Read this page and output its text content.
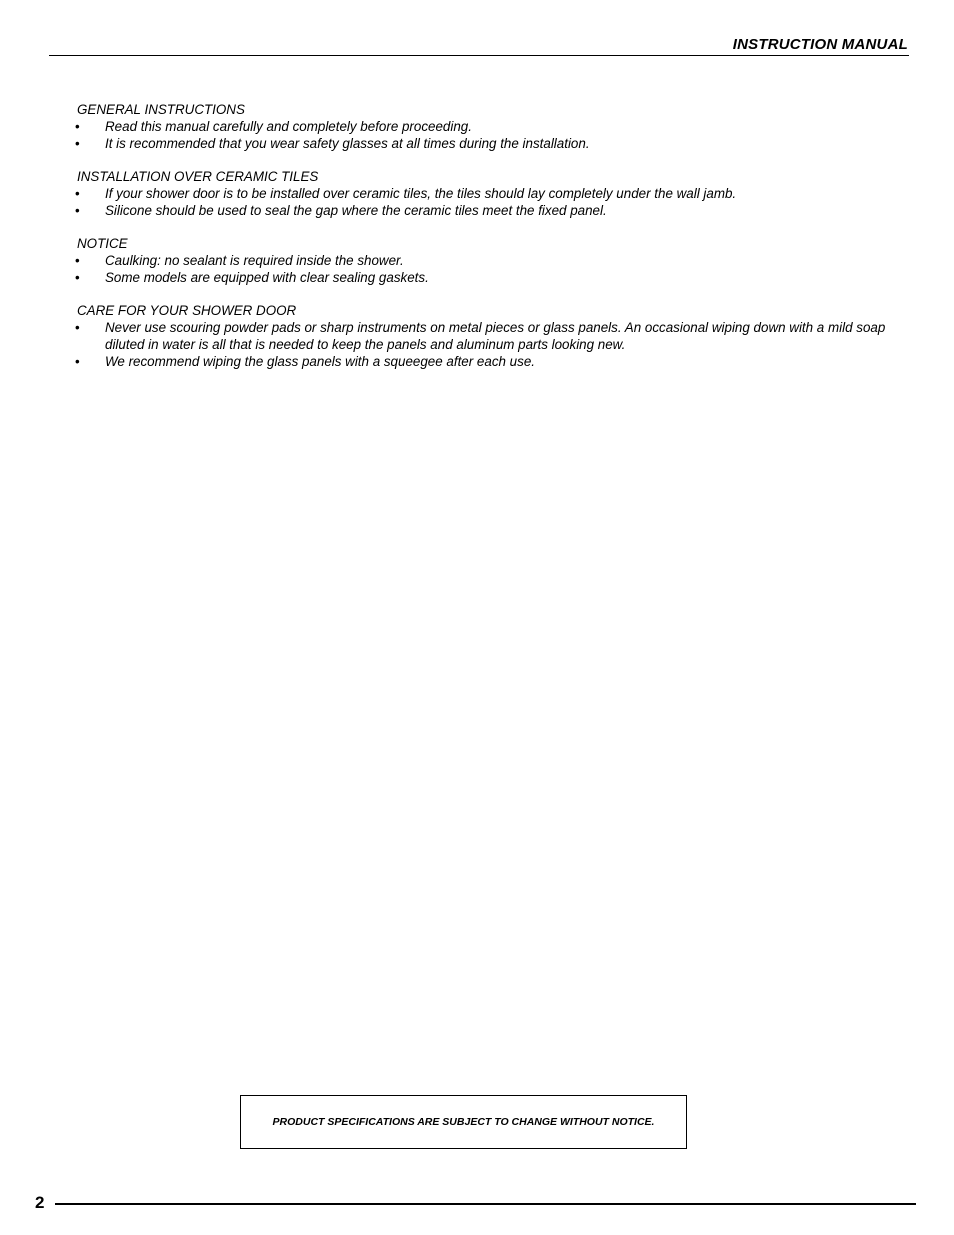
INSTRUCTION MANUAL

GENERAL INSTRUCTIONS

• Read this manual carefully and completely before proceeding.
• It is recommended that you wear safety glasses at all times during the installation.

INSTALLATION OVER CERAMIC TILES

• If your shower door is to be installed over ceramic tiles, the tiles should lay completely under the wall jamb.
• Silicone should be used to seal the gap where the ceramic tiles meet the fixed panel.

NOTICE

• Caulking: no sealant is required inside the shower.
• Some models are equipped with clear sealing gaskets.

CARE FOR YOUR SHOWER DOOR

• Never use scouring powder pads or sharp instruments on metal pieces or glass panels. An occasional wiping down with a mild soap diluted in water is all that is needed to keep the panels and aluminum parts looking new.
• We recommend wiping the glass panels with a squeegee after each use.
PRODUCT SPECIFICATIONS ARE SUBJECT TO CHANGE WITHOUT NOTICE.
2
